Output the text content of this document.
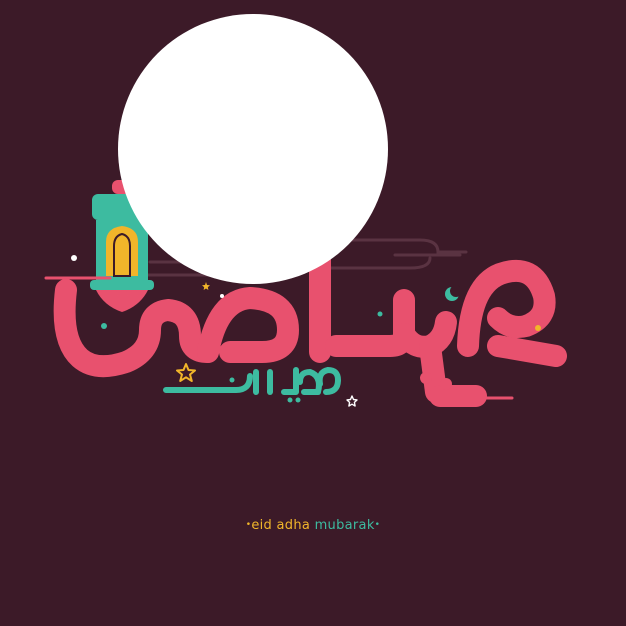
•eid adha mubarak•
